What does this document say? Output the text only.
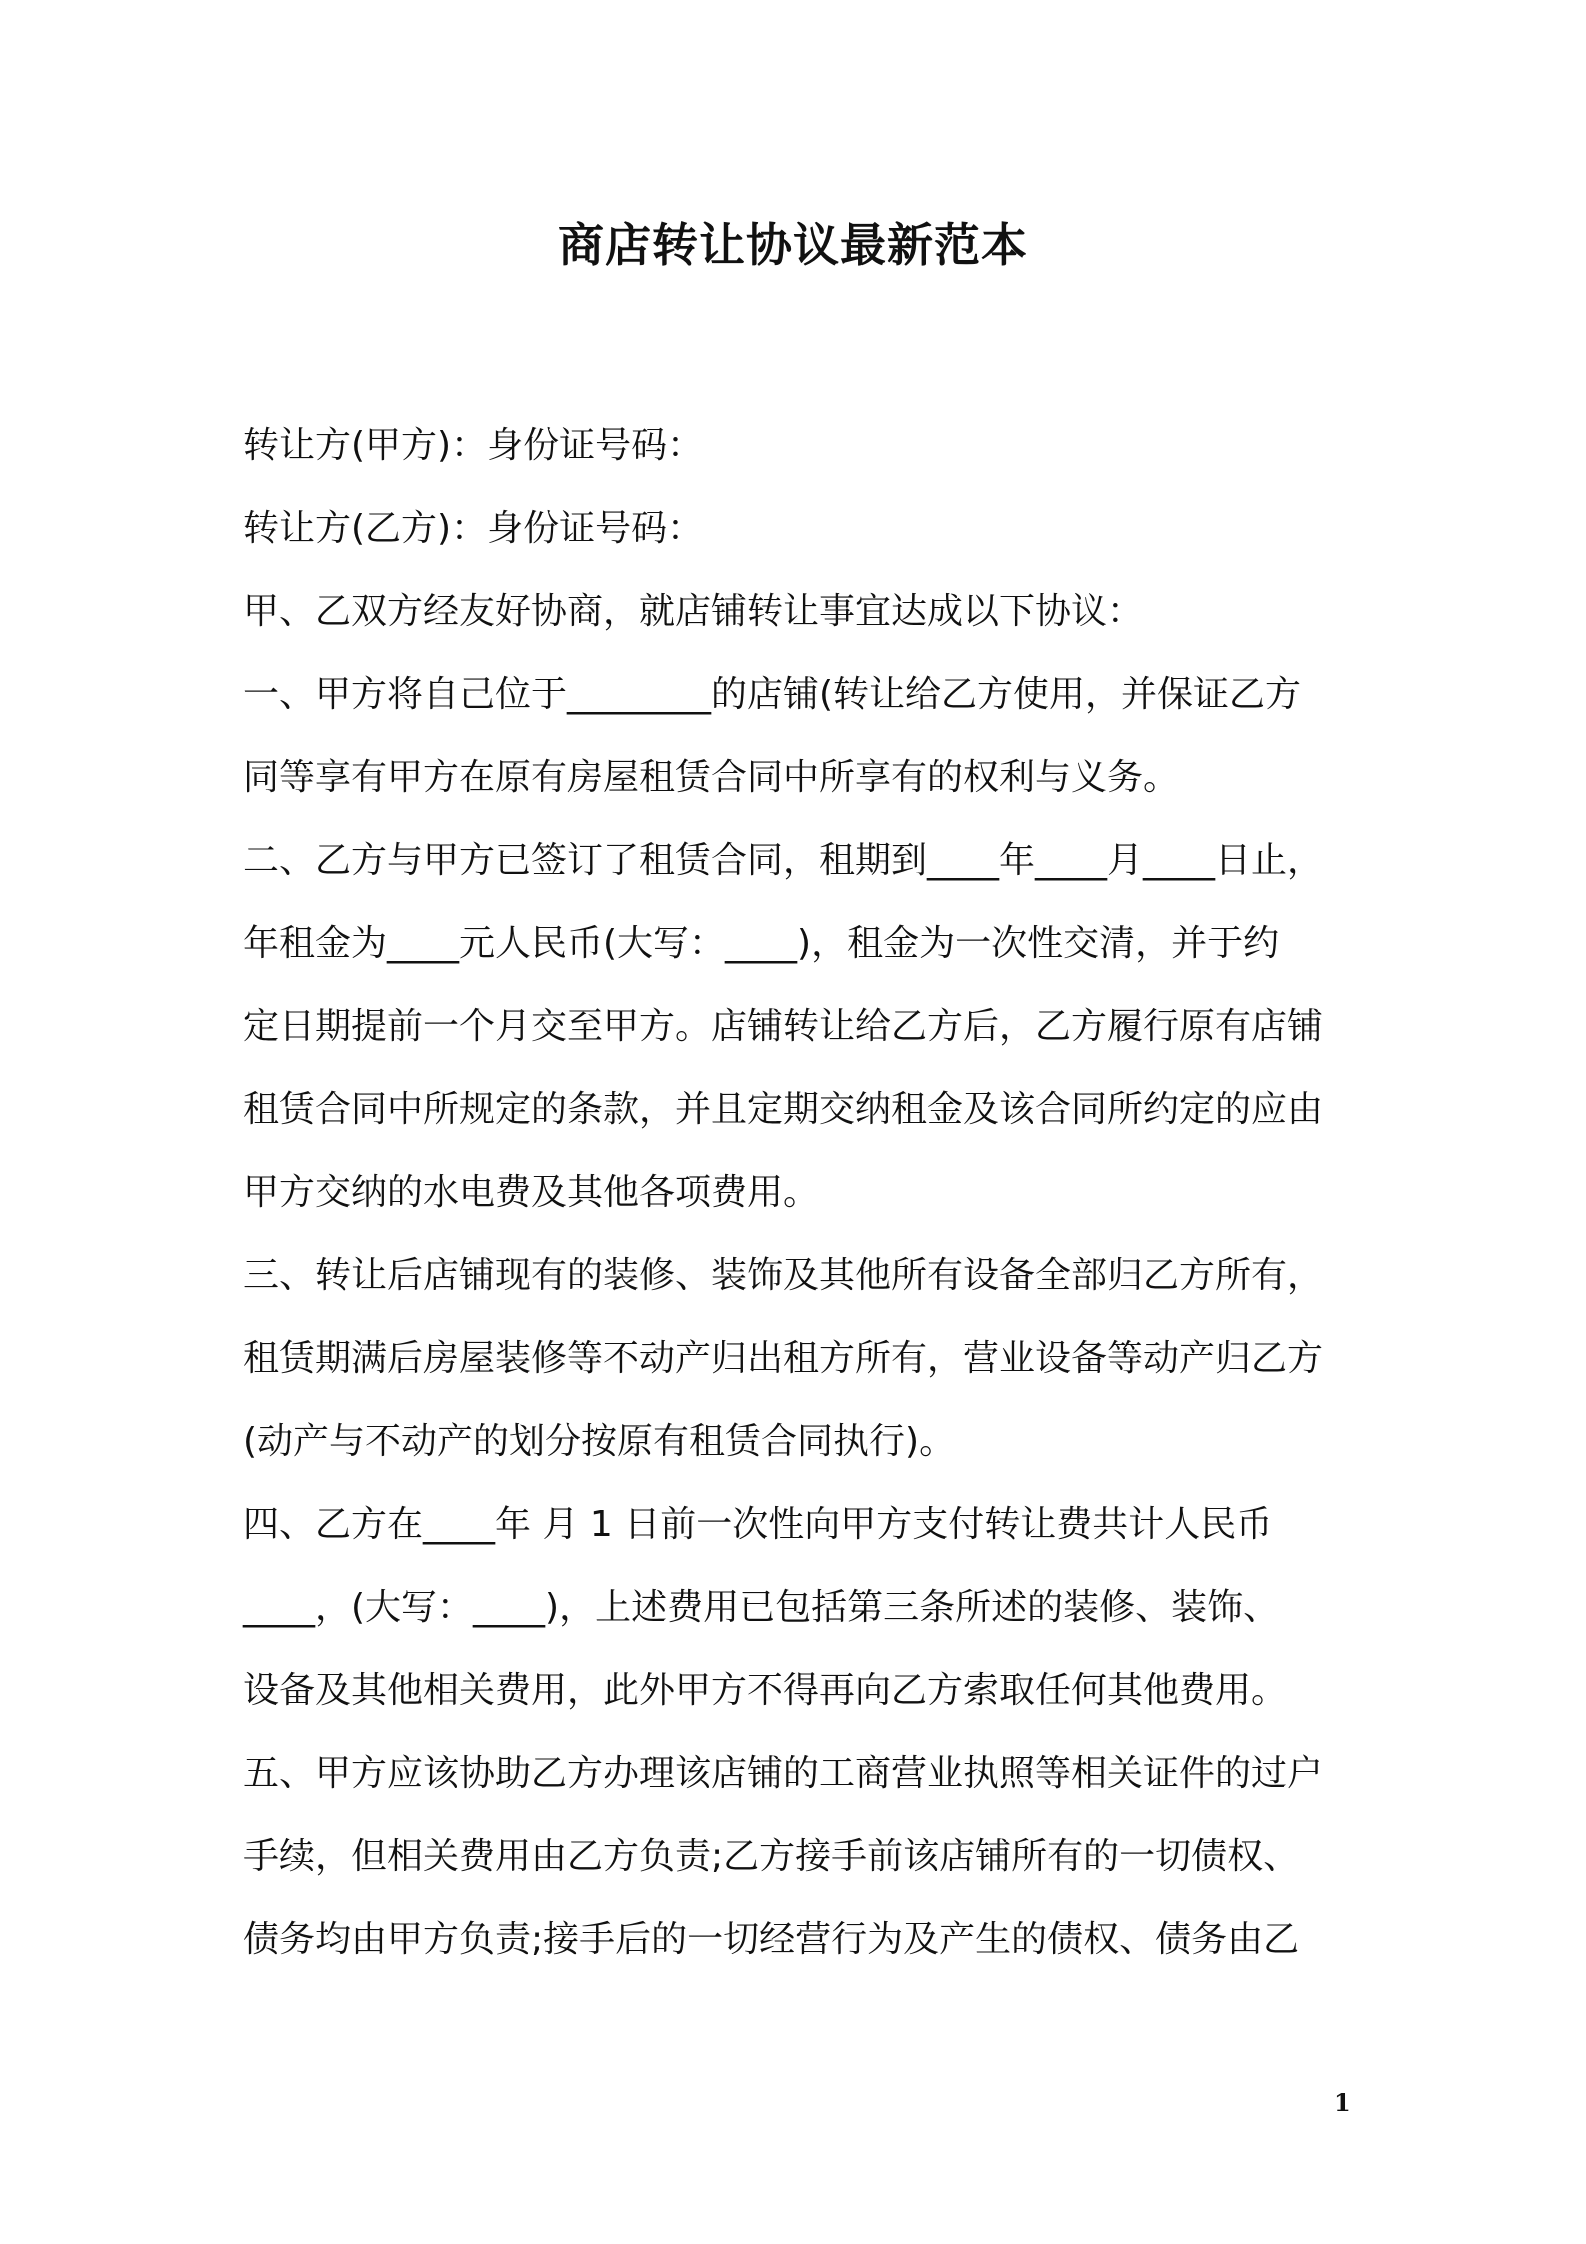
商店转让协议最新范本
转让方(甲方)：身份证号码：
转让方(乙方)：身份证号码：
甲、乙双方经友好协商，就店铺转让事宜达成以下协议：
一、甲方将自己位于________的店铺(转让给乙方使用，并保证乙方
同等享有甲方在原有房屋租赁合同中所享有的权利与义务。
二、乙方与甲方已签订了租赁合同，租期到____年____月____日止，
年租金为____元人民币(大写：____)，租金为一次性交清，并于约
定日期提前一个月交至甲方。店铺转让给乙方后，乙方履行原有店铺
租赁合同中所规定的条款，并且定期交纳租金及该合同所约定的应由
甲方交纳的水电费及其他各项费用。
三、转让后店铺现有的装修、装饰及其他所有设备全部归乙方所有，
租赁期满后房屋装修等不动产归出租方所有，营业设备等动产归乙方
(动产与不动产的划分按原有租赁合同执行)。
四、乙方在____年 月 1 日前一次性向甲方支付转让费共计人民币
____，(大写：____)，上述费用已包括第三条所述的装修、装饰、
设备及其他相关费用，此外甲方不得再向乙方索取任何其他费用。
五、甲方应该协助乙方办理该店铺的工商营业执照等相关证件的过户
手续，但相关费用由乙方负责;乙方接手前该店铺所有的一切债权、
债务均由甲方负责;接手后的一切经营行为及产生的债权、债务由乙
1
